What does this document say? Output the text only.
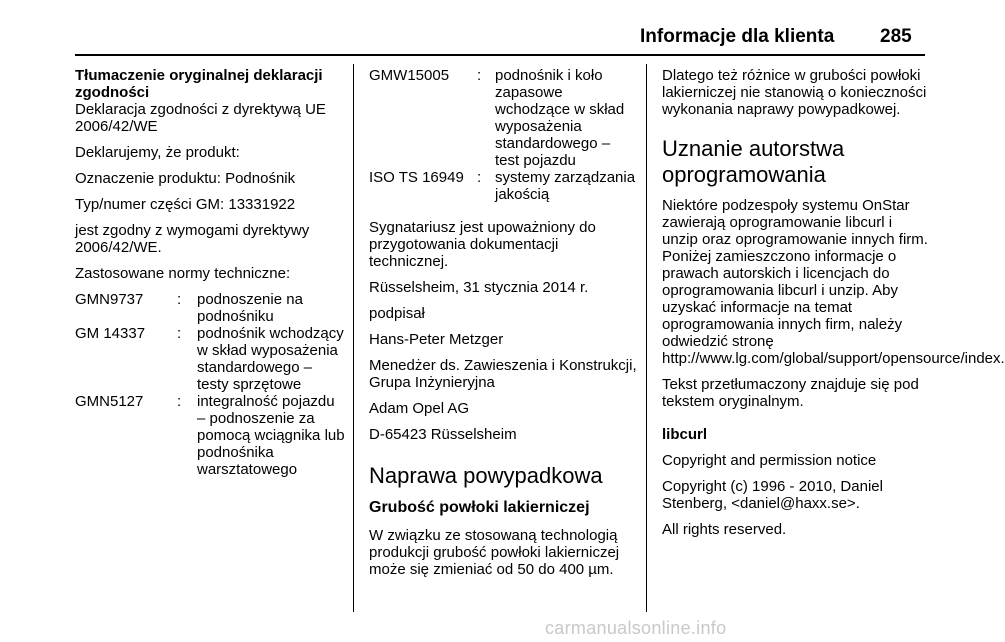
Informacje dla klienta 285

Tłumaczenie oryginalnej deklaracji zgodności

Deklaracja zgodności z dyrektywą UE 2006/42/WE

Deklarujemy, że produkt:

Oznaczenie produktu: Podnośnik

Typ/numer części GM: 13331922

jest zgodny z wymogami dyrektywy 2006/42/WE.

Zastosowane normy techniczne:

GMN9737	:	podnoszenie na podnośniku
GM 14337	:	podnośnik wchodzący w skład wyposażenia standardowego – testy sprzętowe
GMN5127	:	integralność pojazdu – podnoszenie za pomocą wciągnika lub podnośnika warsztatowego
GMW15005	: podnośnik i koło zapasowe wchodzące w skład wyposażenia standardowego – test pojazdu
ISO TS 16949 : systemy zarządzania jakością

Sygnatariusz jest upoważniony do przygotowania dokumentacji technicznej.

Rüsselsheim, 31 stycznia 2014 r.

podpisał

Hans-Peter Metzger

Menedżer ds. Zawieszenia i Konstrukcji, Grupa Inżynieryjna

Adam Opel AG

D-65423 Rüsselsheim

Naprawa powypadkowa

Grubość powłoki lakierniczej

W związku ze stosowaną technologią produkcji grubość powłoki lakierniczej może się zmieniać od 50 do 400 µm.

Dlatego też różnice w grubości powłoki lakierniczej nie stanowią o konieczności wykonania naprawy powypadkowej.

Uznanie autorstwa oprogramowania

Niektóre podzespoły systemu OnStar zawierają oprogramowanie libcurl i unzip oraz oprogramowanie innych firm. Poniżej zamieszczono informacje o prawach autorskich i licencjach do oprogramowania libcurl i unzip. Aby uzyskać informacje na temat oprogramowania innych firm, należy odwiedzić stronę http://www.lg.com/global/support/opensource/index.

Tekst przetłumaczony znajduje się pod tekstem oryginalnym.

libcurl

Copyright and permission notice

Copyright (c) 1996 - 2010, Daniel Stenberg, <daniel@haxx.se>.

All rights reserved.

carmanualsonline.info
